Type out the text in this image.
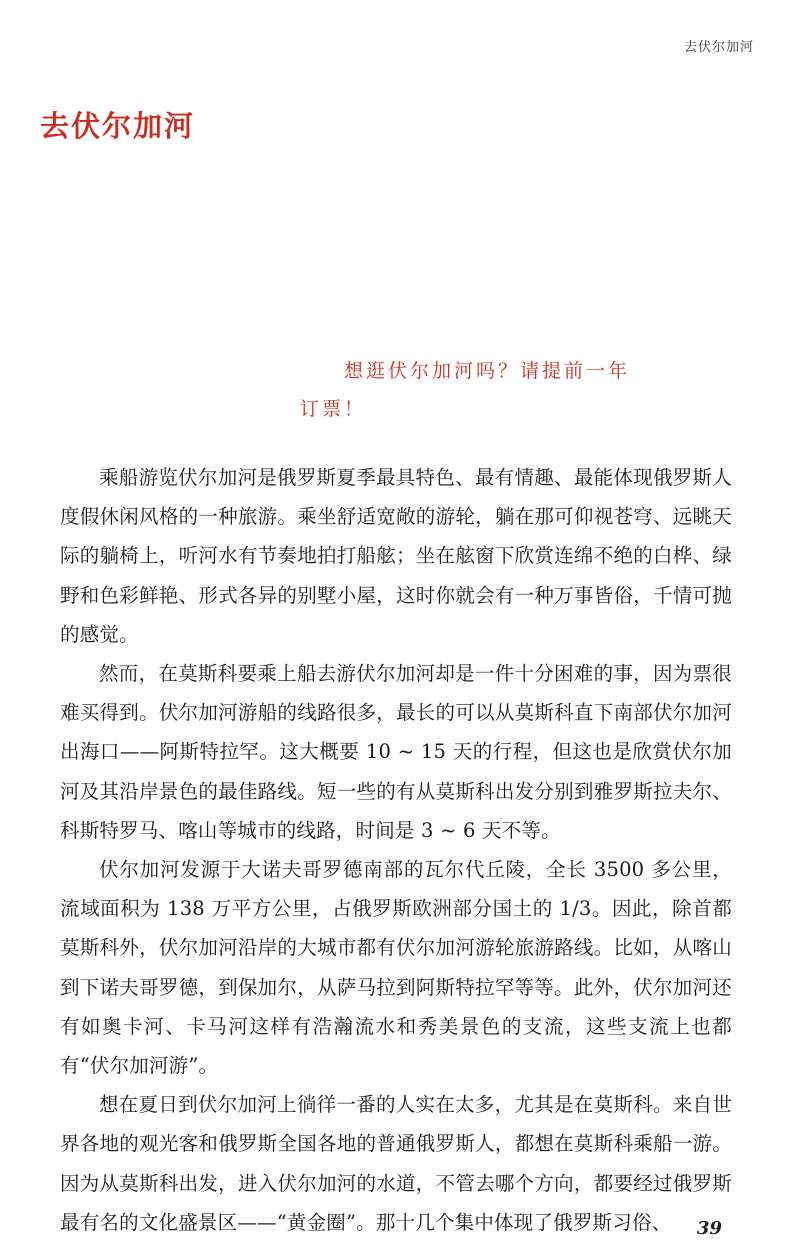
去伏尔加河
去伏尔加河
想逛伏尔加河吗？请提前一年
订票！

乘船游览伏尔加河是俄罗斯夏季最具特色、最有情趣、最能体现俄罗斯人度假休闲风格的一种旅游。乘坐舒适宽敞的游轮，躺在那可仰视苍穹、远眺天际的躺椅上，听河水有节奏地拍打船舷；坐在舷窗下欣赏连绵不绝的白桦、绿野和色彩鲜艳、形式各异的别墅小屋，这时你就会有一种万事皆俗，千情可抛的感觉。

然而，在莫斯科要乘上船去游伏尔加河却是一件十分困难的事，因为票很难买得到。伏尔加河游船的线路很多，最长的可以从莫斯科直下南部伏尔加河出海口——阿斯特拉罕。这大概要 10 ~ 15 天的行程，但这也是欣赏伏尔加河及其沿岸景色的最佳路线。短一些的有从莫斯科出发分别到雅罗斯拉夫尔、科斯特罗马、喀山等城市的线路，时间是 3 ~ 6 天不等。

伏尔加河发源于大诺夫哥罗德南部的瓦尔代丘陵，全长 3500 多公里，流域面积为 138 万平方公里，占俄罗斯欧洲部分国土的 1/3。因此，除首都莫斯科外，伏尔加河沿岸的大城市都有伏尔加河游轮旅游路线。比如，从喀山到下诺夫哥罗德，到保加尔，从萨马拉到阿斯特拉罕等等。此外，伏尔加河还有如奥卡河、卡马河这样有浩瀚流水和秀美景色的支流，这些支流上也都有“伏尔加河游”。

想在夏日到伏尔加河上徜徉一番的人实在太多，尤其是在莫斯科。来自世界各地的观光客和俄罗斯全国各地的普通俄罗斯人，都想在莫斯科乘船一游。因为从莫斯科出发，进入伏尔加河的水道，不管去哪个方向，都要经过俄罗斯最有名的文化盛景区——“黄金圈”。那十几个集中体现了俄罗斯习俗、	39
